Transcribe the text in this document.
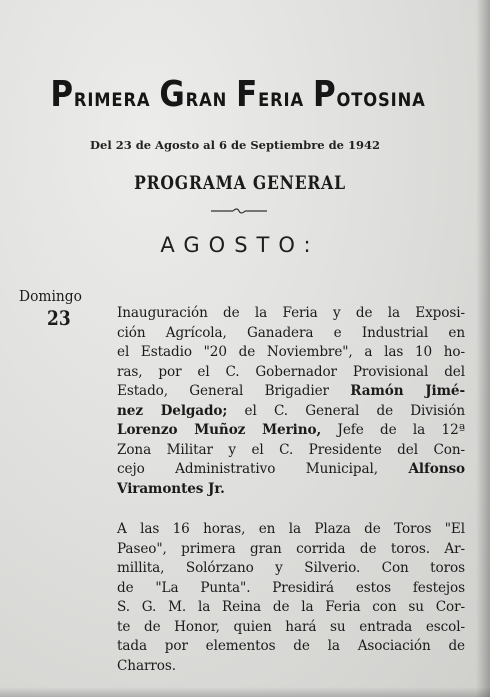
Primera Gran Feria Potosina
Del 23 de Agosto al 6 de Septiembre de 1942
PROGRAMA GENERAL
AGOSTO:
Domingo
23	Inauguración de la Feria y de la Exposi-
ción Agrícola, Ganadera e Industrial en
el Estadio "20 de Noviembre", a las 10 ho-
ras, por el C. Gobernador Provisional del
Estado, General Brigadier Ramón Jimé-
nez Delgado; el C. General de División
Lorenzo Muñoz Merino, Jefe de la 12ª
Zona Militar y el C. Presidente del Con-
cejo Administrativo Municipal, Alfonso
Viramontes Jr.
A las 16 horas, en la Plaza de Toros "El
Paseo", primera gran corrida de toros. Ar-
millita, Solórzano y Silverio. Con toros
de "La Punta". Presidirá estos festejos
S. G. M. la Reina de la Feria con su Cor-
te de Honor, quien hará su entrada escol-
tada por elementos de la Asociación de
Charros.
